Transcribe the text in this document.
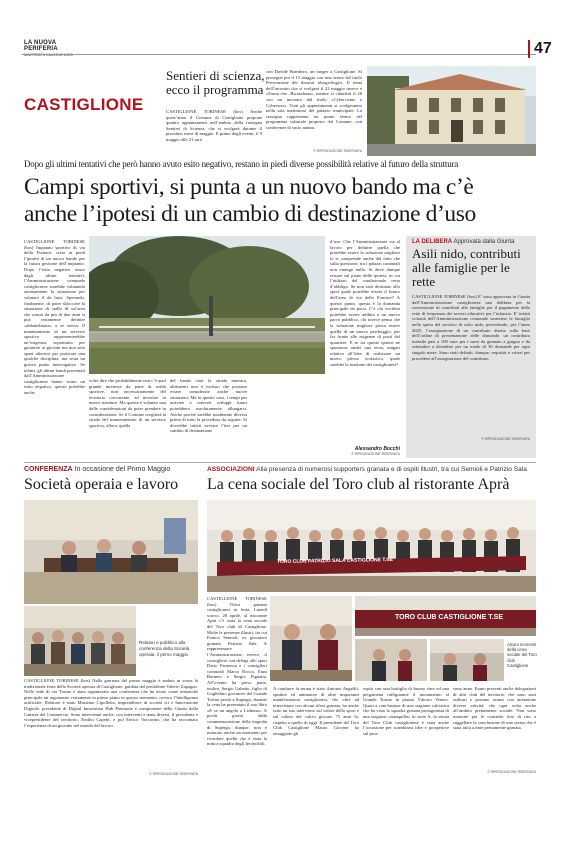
LA NUOVA PERIFERIA	47
CASTIGLIONE
Sentieri di scienza,
ecco il programma
CASTIGLIONE TORINESE (bos) Anche quest’anno il Comune di Castiglione propone quattro appuntamenti nell’ambito della rassegna Sentieri di Scienza, che si svolgerà durante il prossimo mese di maggio. Il primo degli eventi, il 9 maggio alle 21 sarà
con Davide Bombero, un ranger a Castiglione. Si prosegue poi il 15 maggio con una serata dal titolo Prevenzione dei dissesti idrogeologici. Il tema dell’incontro che si svolgerà il 22 maggio invece è «Fuma che...Bwaashaaa», mentre si chiuderà il 26 con un incontro dal titolo «Cybercrime e Cyberwar». Tutti gli appuntamenti si svolgeranno nella sala matrimoni del palazzo municipale. La rassegna rappresenta un punto fermo del programma culturale proposto dal Comune, con conferenze di vario natura.
© RIPRODUZIONE RISERVATA
Dopo gli ultimi tentativi che però hanno avuto esito negativo, restano in piedi diverse possibilità relative al futuro della struttura
Campi sportivi, si punta a un nuovo bando ma c’è
anche l’ipotesi di un cambio di destinazione d’uso
CASTIGLIONE TORINESE (bos) Impianto sportivo di via della Fornace, resta in piedi l’ipotesi di un nuovo bando per la futura gestione dell’impianto. Dopo l’esito negativo avuto dagli ultimi tentativi, l’Amministrazione comunale castiglionese starebbe valutando attentamente la situazione per valutare il da farsi. Sperando, finalmente, di poter sbloccare la situazione di stallo di un’area che ormai da più di due anni si può certamente definire «abbandonata» a se stessa. Il mantenimento di un servizio sportivo rappresenterebbe un’esigenza, soprattutto per garantire ai giovani ma non solo spazi ulteriori per praticare una qualche disciplina, ma resta un grosso punto interrogativo. Se infatti, gli ultimi bandi presentati dall’Amministrazione castiglionese hanno avuto un esito negativo, questo potrebbe anche
voler dire che probabilmente non c’è quel grande interesse da parte di realtà sportive, non necessariamente del territorio circostante, ad investire in nuove strutture. Ma questa è soltanto una delle considerazioni da poter prendere in considerazione. Se il Comune sceglierà la strada del mantenimento di un servizio sportivo, allora, quella
del bando sarà la strada maestra, altrimenti non è escluso che possano essere considerate anche nuove situazioni. Ma in questo caso, i tempi per arrivare a concreti sviluppi futuri potrebbero assolutamente allungarsi. Anche perché sarebbe totalmente diversa prima di tutto la procedura da seguire. Si dovrebbe infatti avviare l’iter per un cambio di destinazione
d’uso. Che l’Amministrazione sia al lavoro per definire quella che potrebbe essere la soluzione migliore lo si comprende anche dal fatto che sulla questione, tra i palazzi comunali non emerge nulla. Si deve dunque restare sul piano delle ipotesi, in cui l’utilizzo del condizionale resta d’obbligo. Se non sarà destinato allo sport quale potrebbe essere il futuro dell’area di via della Fornace? A questo punto, questa è la domanda principale da porsi. C’è chi vocifera potrebbe essere adibita a un nuovo parco pubblico, chi invece pensa che la soluzione migliore possa essere quella di un nuovo parcheggio, per far fronte alle esigenze di posti del quartiere. E se tra queste ipotesi ne spuntasse anche una terza, magari relativa all’idea di realizzare un nuovo plesso scolastico, quale sarebbe la reazione dei castiglionesi?
Alessandro Bocchi
© RIPRODUZIONE RISERVATA
LA DELIBERA Approvata dalla Giunta
Asili nido, contributi
alle famiglie per le rette
CASTIGLIONE TORINESE (bos) E’ stata approvata in Giunta dall’Amministrazione castiglionese una delibera per la concessione di contributi alle famiglie per il pagamento delle rette di frequenza dei servizi educativi per l’infanzia. E’ infatti volontà dell’Amministrazione comunale sostenere le famiglie nella spesa del servizio di asilo nido, prevedendo, per l’anno 2025, l’assegnazione di un contributo diretto sulla base dell’ordine di presentazione delle domande, un contributo mensile pari a 100 euro per i mesi da gennaio a giugno e da settembre a dicembre per un totale di 30 domande per ogni singolo mese. Sono stati definiti, dunque, requisiti e criteri per procedere all’assegnazione del contributo.
© RIPRODUZIONE RISERVATA
CONFERENZA In occasione del Primo Maggio
Società operaia e lavoro
Relatori e pubblico alla conferenza della Società operaia, il primo maggio
CASTIGLIONE TORINESE (bos) Nella giornata del primo maggio è andata in scena la tradizionale festa della Società operaia di Castiglione, guidata dal presidente Valerio Zapagno. Nelle sede di via Torino è stata organizzata una conferenza che ha avuto come tematiche principale un argomento certamente in primo piano in questo momento, ovvero l’Intelligenza artificiale. Relatore è stato Massimo Cipolletta, imprenditore di società ict e Innovazione Digitale, presidente di Digital Innovation Hub Piemonte e componente della Giunta della Camera del Commercio. Sono intervenuti anche, con interventi a tema diversi, il presidente e vicepresidente del territorio, Emilio Capetti, e poi Enrico Vaccarino, che ha raccontato l’esperienza di un giovane nel mondo del lavoro.
© RIPRODUZIONE RISERVATA
ASSOCIAZIONI Alla presenza di numerosi supporters granata e di ospiti illustri, tra cui Semioli e Patrizio Sala
La cena sociale del Toro club al ristorante Aprà
TORO CLUB PATRIZIO SALA CASTIGLIONE T.SE
CASTIGLIONE TORINESE (bos) Tifosi granata castiglionesi in festa. Lunedì scorso, 28 aprile, al ristorante Aprà c’è stata la cena sociale del Toro club di Castiglione. Molte le presenze illustri, tra cui Franco Semioli, ex giocatore granata, Patrizio Sala. A rappresentare l’Amministrazione, invece, il consigliere con delega allo sport Dario Paonessa e i consiglieri comunali Marco Rocca, Enza Bernero e Sergio Pignatta. All’evento ha preso parte, inoltre, Sergio Gabetto, figlio di Guglielmo giocatore del Grande Torino perito a Superga, durante la cena ha presentato il suo libro «E se un angelo a Lisbona». A pochi giorni dalla commemorazione della tragedia di Superga, dunque, non è mancato anche un momento per ricordare quella che è stata la mitica squadra degli Invincibili.
TORO CLUB CASTIGLIONE T.SE
Alcuni momenti della cena sociale del Toro club Castiglione
A condurre la serata è stato Antonio Angelili, speaker ed animatore di altre importanti manifestazioni castiglionesi, che oltre ad intervistare con alcuni tifosi granata, ha anche fatto un suo intervento sul valore dello sport e sul valore del calcio giocato 75 anni fa, rispetto a quello di oggi. Il presidente del Toro Club Castiglione Mauro Giovine ha omaggiato gli
ospiti con una bottiglia di buono vino ed una pergamena raffigurante il monumento al Grande Torino in piazza Vittorio Veneto. Quasi a conclusione di una stagione calcistica che ha visto la squadra granata protagonista di una stagione «tranquilla» in serie A, la serata del Toro Club castiglionese è stata anche l’occasione per scambiarsi idee e prospettive sul pros-
simo anno. Erano presenti anche delegazioni di altri club del territorio, che sono stati radicati e portano avanti con attenzione diverse attività, che ogni volta anche all’ambito prettamente sociale. Non sono mancate poi le consuete foto di rito a suggellare la conclusione di una serata che è stata tutta a tinte prettamente granata.
© RIPRODUZIONE RISERVATA
